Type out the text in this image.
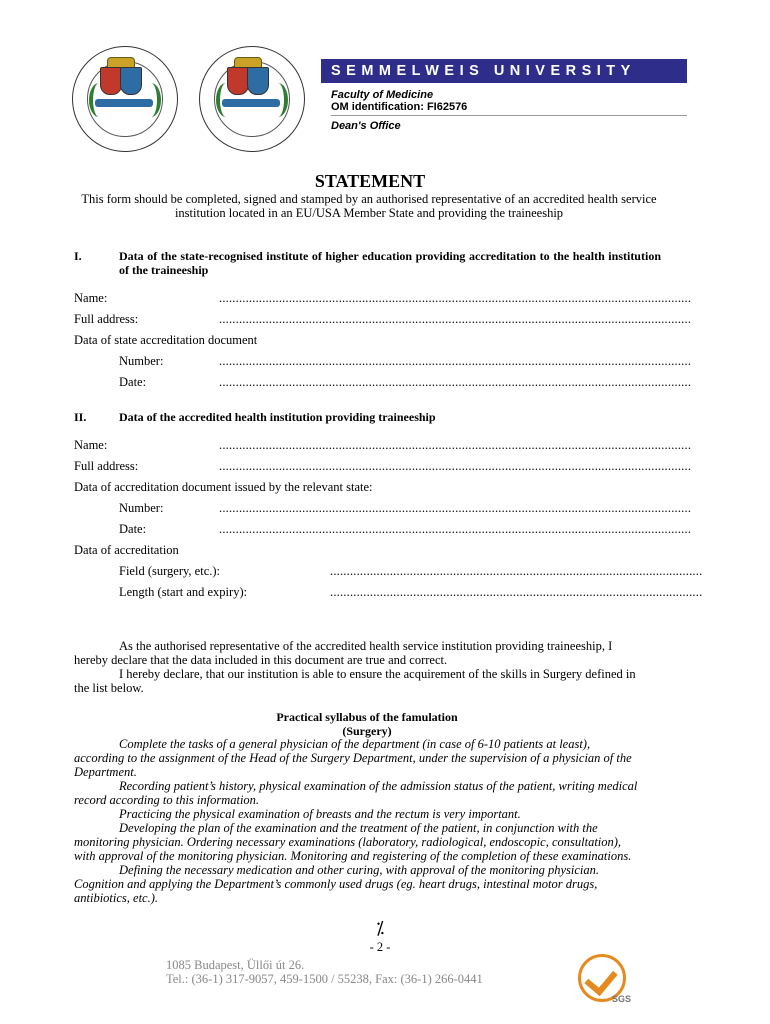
SEMMELWEIS UNIVERSITY
Faculty of Medicine
OM identification: FI62576
Dean's Office
STATEMENT
This form should be completed, signed and stamped by an authorised representative of an accredited health service institution located in an EU/USA Member State and providing the traineeship
I.	Data of the state-recognised institute of higher education providing accreditation to the health institution of the traineeship
Name:	..............................................................................................................................................
Full address:	..............................................................................................................................................
Data of state accreditation document
Number:	..............................................................................................................................................
Date:	..............................................................................................................................................
II.	Data of the accredited health institution providing traineeship
Name:	..............................................................................................................................................
Full address:	..............................................................................................................................................
Data of accreditation document issued by the relevant state:
Number:	..............................................................................................................................................
Date:	..............................................................................................................................................
Data of accreditation
Field (surgery, etc.):	................................................................................................................
Length (start and expiry):	................................................................................................................
As the authorised representative of the accredited health service institution providing traineeship, I
hereby declare that the data included in this document are true and correct.
I hereby declare, that our institution is able to ensure the acquirement of the skills in Surgery defined in
the list below.
Practical syllabus of the famulation
(Surgery)
Complete the tasks of a general physician of the department (in case of 6-10 patients at least),
according to the assignment of the Head of the Surgery Department, under the supervision of a physician of the
Department.
Recording patient’s history, physical examination of the admission status of the patient, writing medical
record according to this information.
Practicing the physical examination of breasts and the rectum is very important.
Developing the plan of the examination and the treatment of the patient, in conjunction with the
monitoring physician. Ordering necessary examinations (laboratory, radiological, endoscopic, consultation),
with approval of the monitoring physician. Monitoring and registering of the completion of these examinations.
Defining the necessary medication and other curing, with approval of the monitoring physician.
Cognition and applying the Department’s commonly used drugs (eg. heart drugs, intestinal motor drugs,
antibiotics, etc.).
⁒
- 2 -
1085 Budapest, Üllői út 26.
Tel.: (36-1) 317-9057, 459-1500 / 55238, Fax: (36-1) 266-0441
SGS
